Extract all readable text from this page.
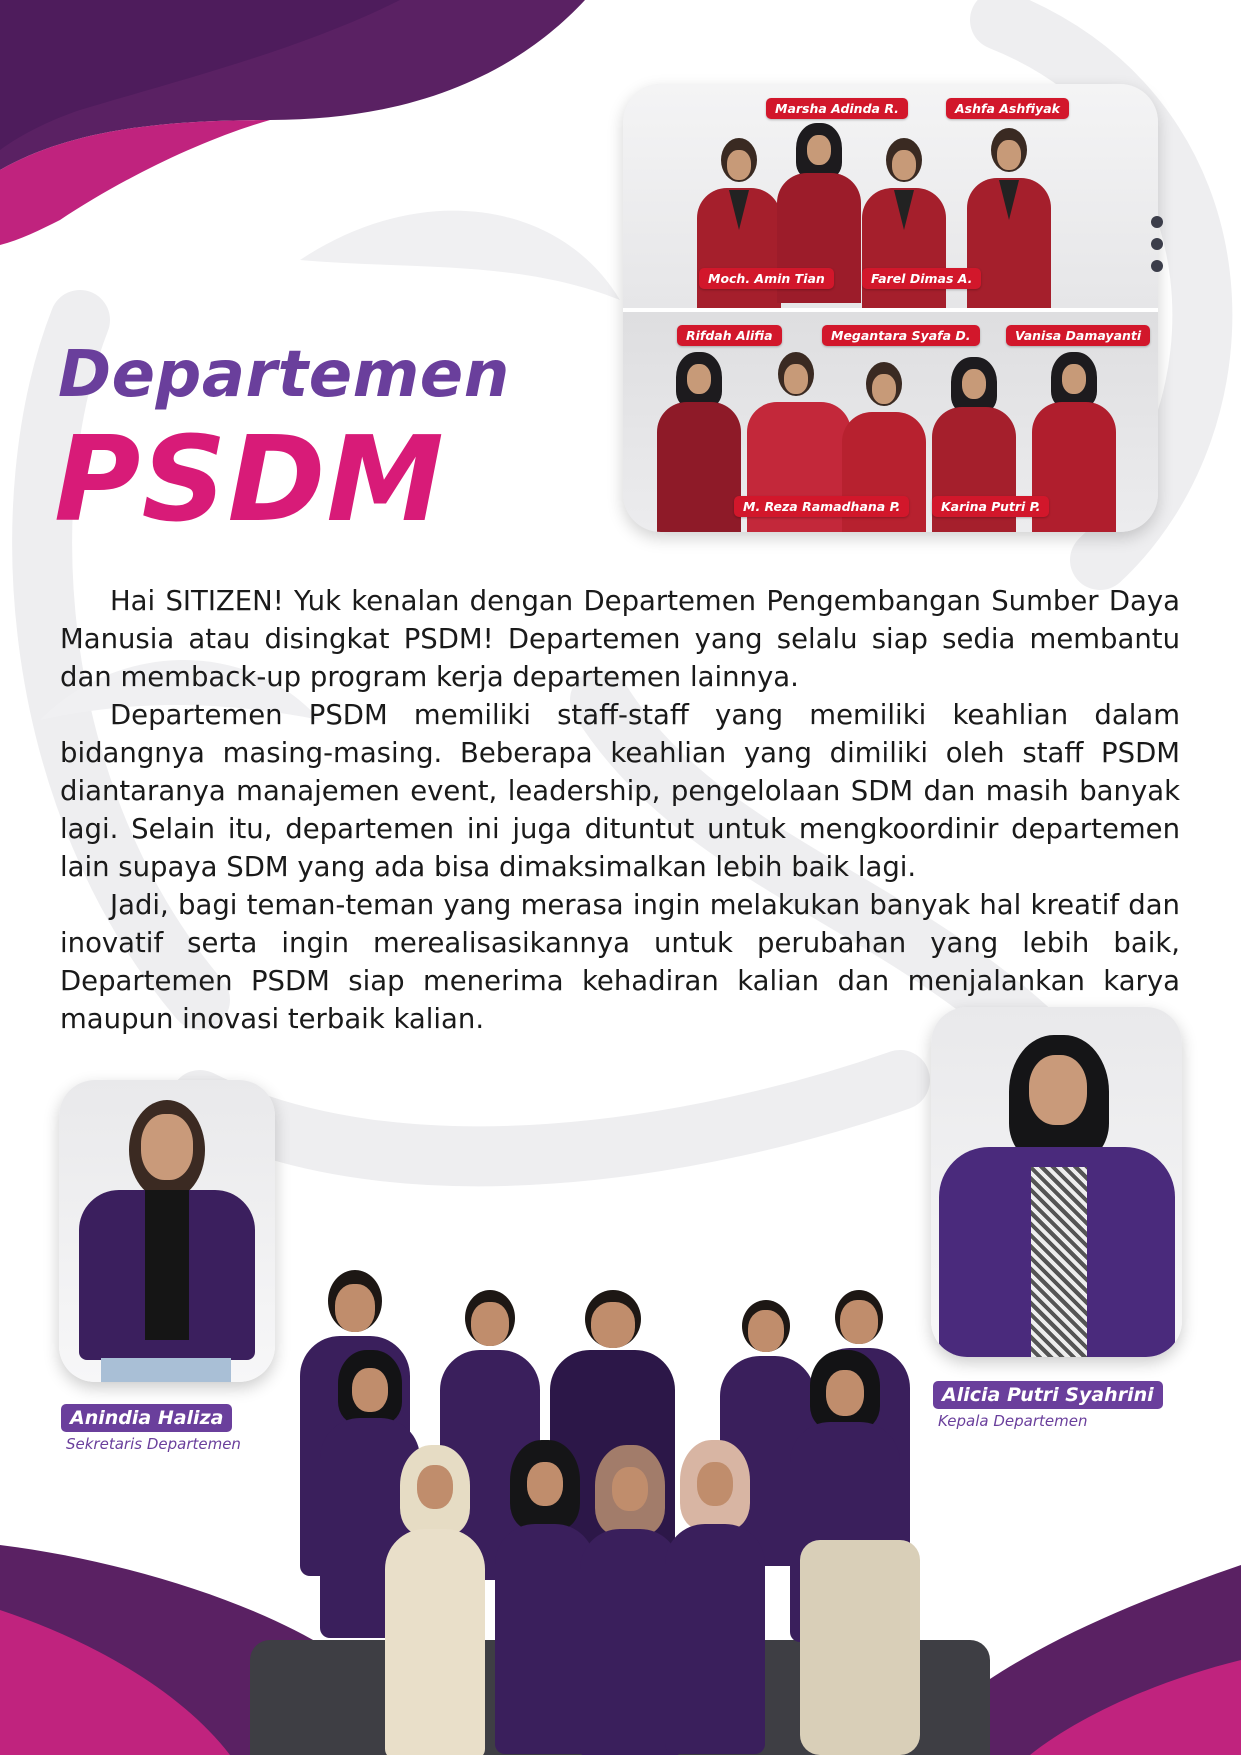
Departemen
PSDM
Marsha Adinda R.	Ashfa Ashfiyak
Moch. Amin Tian	Farel Dimas A.
Rifdah Alifia	Megantara Syafa D.	Vanisa Damayanti
M. Reza Ramadhana P.	Karina Putri P.

Hai SITIZEN! Yuk kenalan dengan Departemen Pengembangan Sumber Daya Manusia atau disingkat PSDM! Departemen yang selalu siap sedia membantu dan memback-up program kerja departemen lainnya.

Departemen PSDM memiliki staff-staff yang memiliki keahlian dalam bidangnya masing-masing. Beberapa keahlian yang dimiliki oleh staff PSDM diantaranya manajemen event, leadership, pengelolaan SDM dan masih banyak lagi. Selain itu, departemen ini juga dituntut untuk mengkoordinir departemen lain supaya SDM yang ada bisa dimaksimalkan lebih baik lagi.

Jadi, bagi teman-teman yang merasa ingin melakukan banyak hal kreatif dan inovatif serta ingin merealisasikannya untuk perubahan yang lebih baik, Departemen PSDM siap menerima kehadiran kalian dan menjalankan karya maupun inovasi terbaik kalian.

Anindia Haliza
Sekretaris Departemen
Alicia Putri Syahrini
Kepala Departemen
